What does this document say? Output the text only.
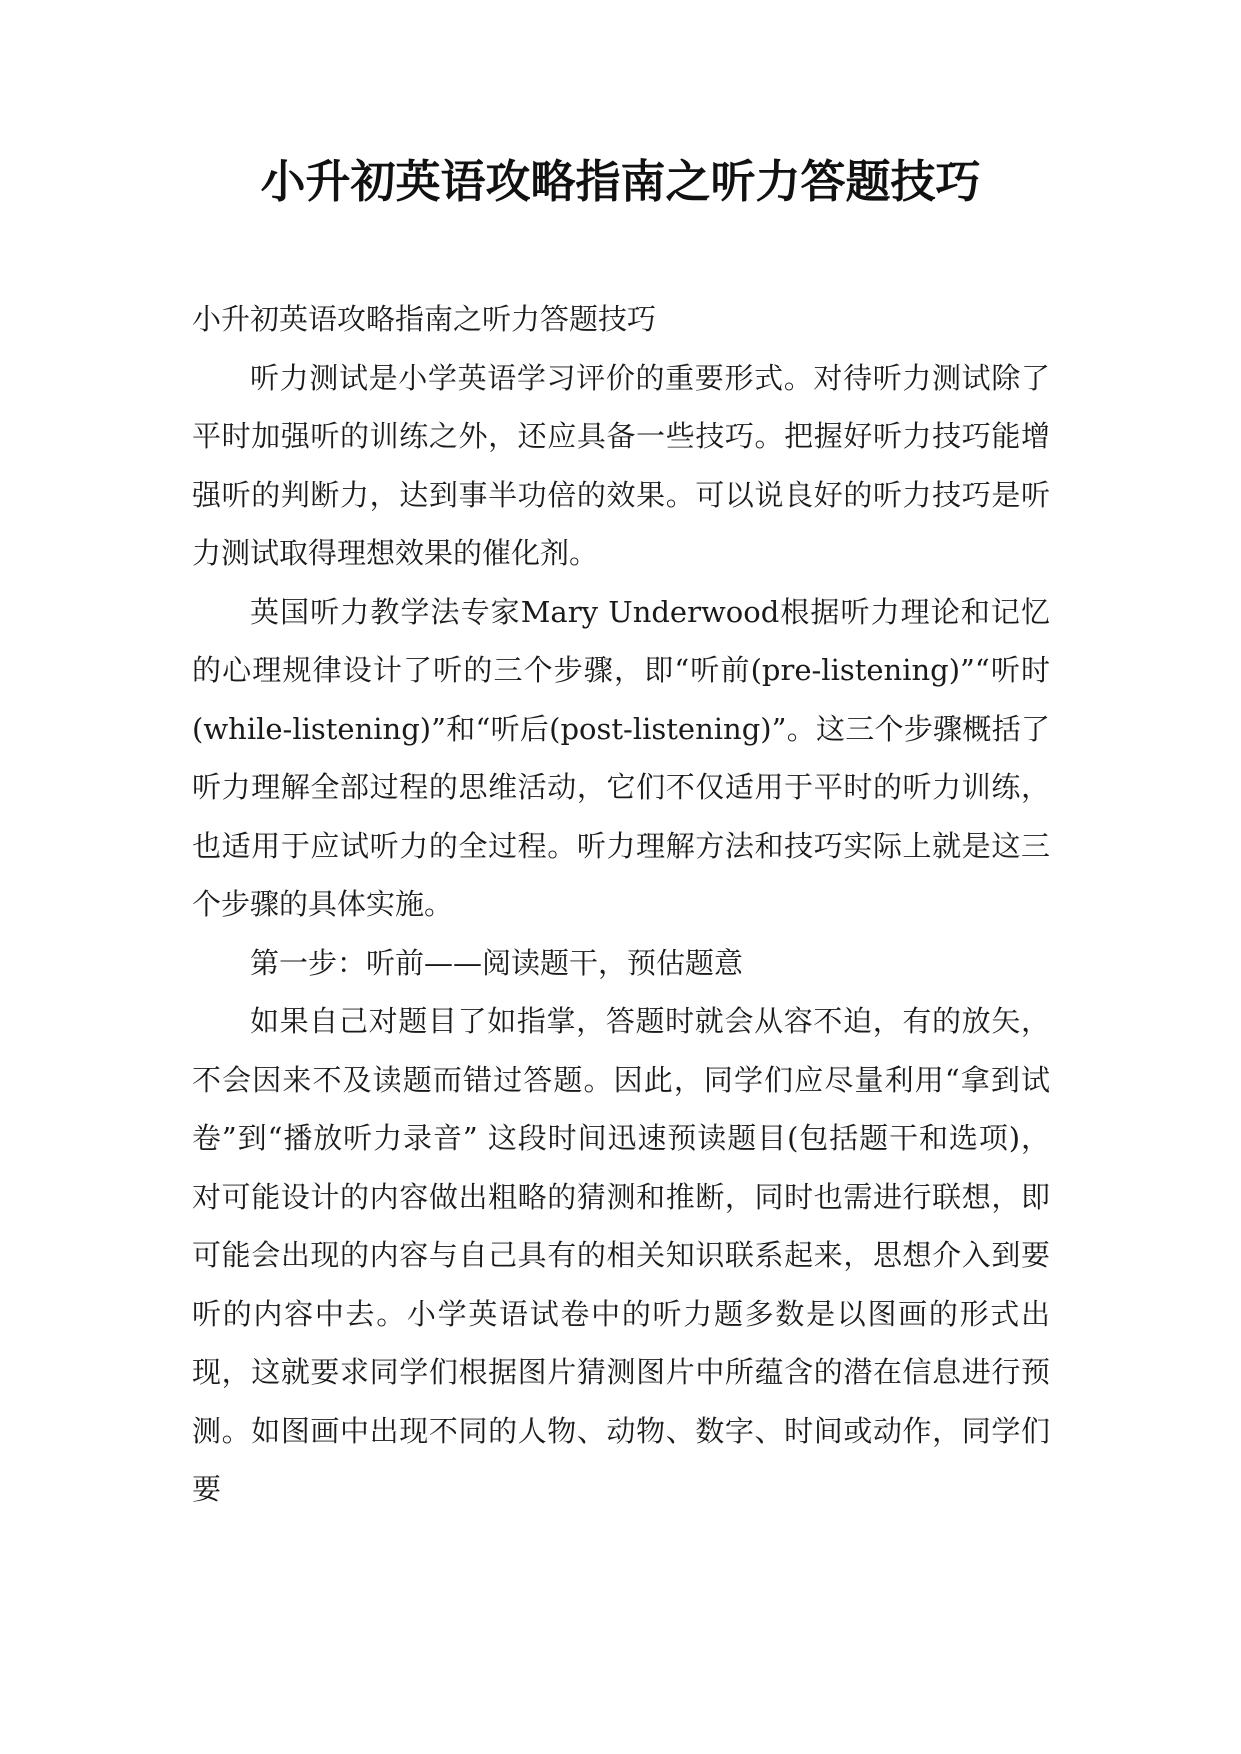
小升初英语攻略指南之听力答题技巧

小升初英语攻略指南之听力答题技巧

听力测试是小学英语学习评价的重要形式。对待听力测试除了平时加强听的训练之外，还应具备一些技巧。把握好听力技巧能增强听的判断力，达到事半功倍的效果。可以说良好的听力技巧是听力测试取得理想效果的催化剂。

英国听力教学法专家Mary Underwood根据听力理论和记忆的心理规律设计了听的三个步骤，即“听前(pre-listening)”“听时 (while-listening)”和“听后(post-listening)”。这三个步骤概括了听力理解全部过程的思维活动，它们不仅适用于平时的听力训练，也适用于应试听力的全过程。听力理解方法和技巧实际上就是这三个步骤的具体实施。

第一步：听前——阅读题干，预估题意

如果自己对题目了如指掌，答题时就会从容不迫，有的放矢，不会因来不及读题而错过答题。因此，同学们应尽量利用“拿到试卷”到“播放听力录音” 这段时间迅速预读题目(包括题干和选项)，对可能设计的内容做出粗略的猜测和推断，同时也需进行联想，即可能会出现的内容与自己具有的相关知识联系起来，思想介入到要听的内容中去。小学英语试卷中的听力题多数是以图画的形式出现，这就要求同学们根据图片猜测图片中所蕴含的潜在信息进行预测。如图画中出现不同的人物、动物、数字、时间或动作，同学们要
